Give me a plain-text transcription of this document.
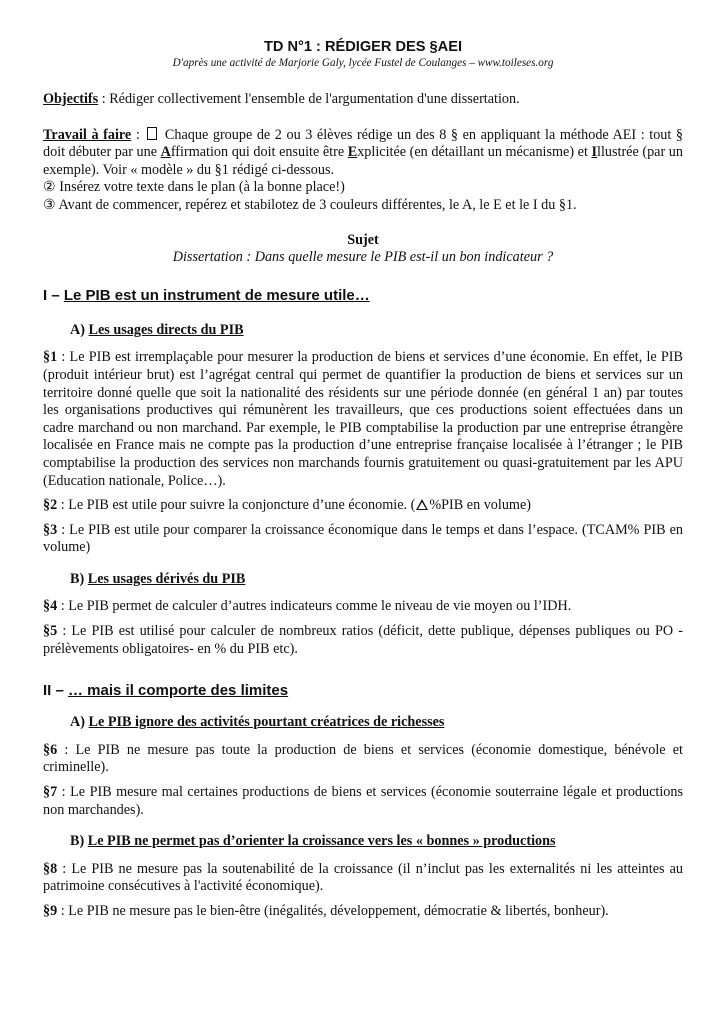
TD N°1 : RÉDIGER DES §AEI

D'après une activité de Marjorie Galy, lycée Fustel de Coulanges – www.toileses.org

Objectifs : Rédiger collectivement l'ensemble de l'argumentation d'une dissertation.

Travail à faire :  Chaque groupe de 2 ou 3 élèves rédige un des 8 § en appliquant la méthode AEI : tout § doit débuter par une Affirmation qui doit ensuite être Explicitée (en détaillant un mécanisme) et Illustrée (par un exemple). Voir « modèle » du §1 rédigé ci-dessous.

② Insérez votre texte dans le plan (à la bonne place!)

③ Avant de commencer, repérez et stabilotez de 3 couleurs différentes, le A, le E et le I du §1.

Sujet

Dissertation : Dans quelle mesure le PIB est-il un bon indicateur ?

I – Le PIB est un instrument de mesure utile…

A) Les usages directs du PIB

§1 : Le PIB est irremplaçable pour mesurer la production de biens et services d’une économie. En effet, le PIB (produit intérieur brut) est l’agrégat central qui permet de quantifier la production de biens et services sur un territoire donné quelle que soit la nationalité des résidents sur une période donnée (en général 1 an) par toutes les organisations productives qui rémunèrent les travailleurs, que ces productions soient effectuées dans un cadre marchand ou non marchand. Par exemple, le PIB comptabilise la production par une entreprise étrangère localisée en France mais ne compte pas la production d’une entreprise française localisée à l’étranger ; le PIB comptabilise la production des services non marchands fournis gratuitement ou quasi-gratuitement par les APU (Education nationale, Police…).

§2 : Le PIB est utile pour suivre la conjoncture d’une économie. ( %PIB en volume)

§3 : Le PIB est utile pour comparer la croissance économique dans le temps et dans l’espace. (TCAM% PIB en volume)

B) Les usages dérivés du PIB

§4 : Le PIB permet de calculer d’autres indicateurs comme le niveau de vie moyen ou l’IDH.

§5 : Le PIB est utilisé pour calculer de nombreux ratios (déficit, dette publique, dépenses publiques ou PO - prélèvements obligatoires- en % du PIB etc).

II – … mais il comporte des limites

A) Le PIB ignore des activités pourtant créatrices de richesses

§6 : Le PIB ne mesure pas toute la production de biens et services (économie domestique, bénévole et criminelle).

§7 : Le PIB mesure mal certaines productions de biens et services (économie souterraine légale et productions non marchandes).

B) Le PIB ne permet pas d’orienter la croissance vers les « bonnes » productions

§8 : Le PIB ne mesure pas la soutenabilité de la croissance (il n’inclut pas les externalités ni les atteintes au patrimoine consécutives à l'activité économique).

§9 : Le PIB ne mesure pas le bien-être (inégalités, développement, démocratie & libertés, bonheur).
